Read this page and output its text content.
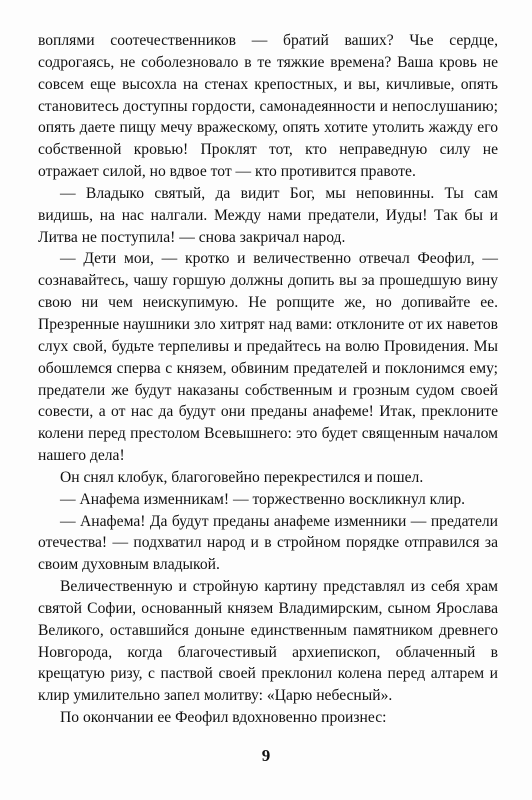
воплями соотечественников — братий ваших? Чье сердце, содрогаясь, не соболезновало в те тяжкие времена? Ваша кровь не совсем еще высохла на стенах крепостных, и вы, кичливые, опять становитесь доступны гордости, самонадеянности и непослушанию; опять даете пищу мечу вражескому, опять хотите утолить жажду его собственной кровью! Проклят тот, кто неправедную силу не отражает силой, но вдвое тот — кто противится правоте.

— Владыко святый, да видит Бог, мы неповинны. Ты сам видишь, на нас налгали. Между нами предатели, Иуды! Так бы и Литва не поступила! — снова закричал народ.

— Дети мои, — кротко и величественно отвечал Феофил, — сознавайтесь, чашу горшую должны допить вы за прошедшую вину свою ни чем неискупимую. Не ропщите же, но допивайте ее. Презренные наушники зло хитрят над вами: отклоните от их наветов слух свой, будьте терпеливы и предайтесь на волю Провидения. Мы обошлемся сперва с князем, обвиним предателей и поклонимся ему; предатели же будут наказаны собственным и грозным судом своей совести, а от нас да будут они преданы анафеме! Итак, преклоните колени перед престолом Всевышнего: это будет священным началом нашего дела!

Он снял клобук, благоговейно перекрестился и пошел.

— Анафема изменникам! — торжественно воскликнул клир.

— Анафема! Да будут преданы анафеме изменники — предатели отечества! — подхватил народ и в стройном порядке отправился за своим духовным владыкой.

Величественную и стройную картину представлял из себя храм святой Софии, основанный князем Владимирским, сыном Ярослава Великого, оставшийся доныне единственным памятником древнего Новгорода, когда благочестивый архиепископ, облаченный в крещатую ризу, с паствой своей преклонил колена перед алтарем и клир умилительно запел молитву: «Царю небесный».

По окончании ее Феофил вдохновенно произнес:

9
